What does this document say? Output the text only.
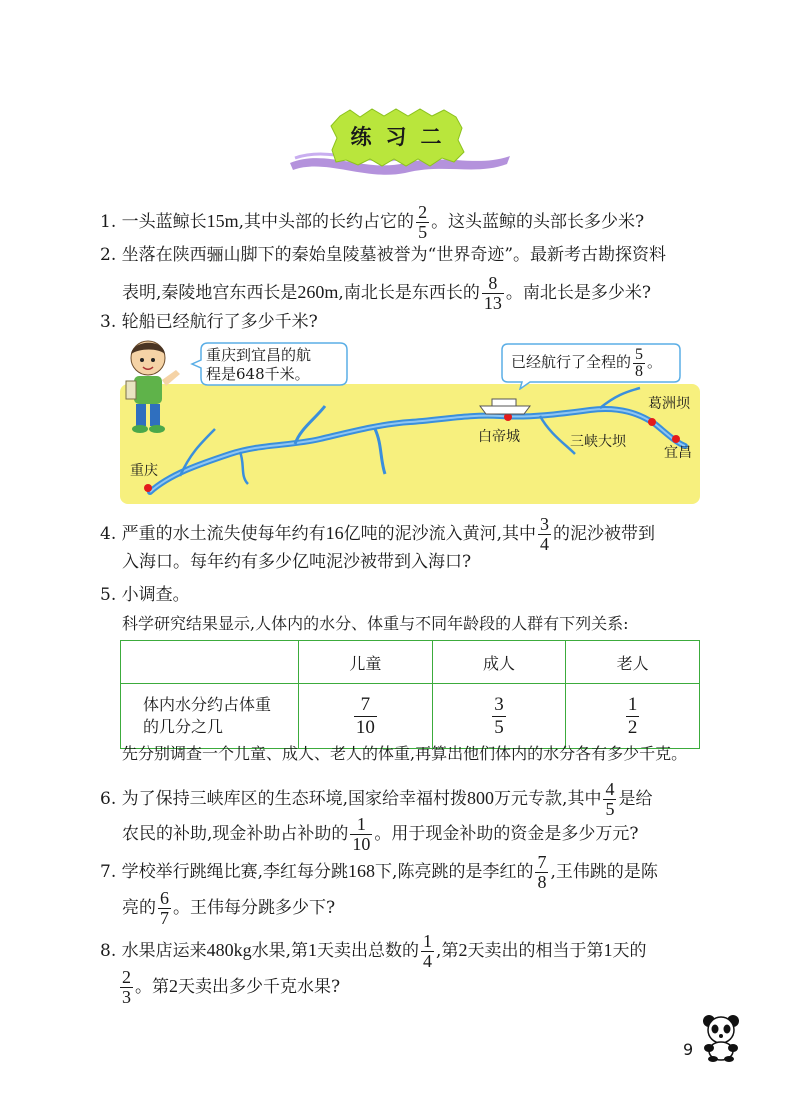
练习二
1. 一头蓝鲸长15m,其中头部的长约占它的 $\frac{2}{5}$ 。这头蓝鲸的头部长多少米?
2. 坐落在陕西骊山脚下的秦始皇陵墓被誉为“世界奇迹”。最新考古勘探资料
表明,秦陵地宫东西长是260m,南北长是东西长的 $\frac{8}{13}$ 。南北长是多少米?
3. 轮船已经航行了多少千米?
重庆
白帝城	三峡大坝
葛洲坝
宜昌
重庆到宜昌的航
程是648千米。
已经航行了全程的 $\frac{5}{8}$ 。
4. 严重的水土流失使每年约有16亿吨的泥沙流入黄河,其中 $\frac{3}{4}$ 的泥沙被带到
入海口。每年约有多少亿吨泥沙被带到入海口?
5. 小调查。
科学研究结果显示,人体内的水分、体重与不同年龄段的人群有下列关系:
	儿童	成人	老人
体内水分约占体重
的几分之几	$\frac{7}{10}$	$\frac{3}{5}$	$\frac{1}{2}$
先分别调查一个儿童、成人、老人的体重,再算出他们体内的水分各有多少千克。
6. 为了保持三峡库区的生态环境,国家给幸福村拨800万元专款,其中 $\frac{4}{5}$ 是给
农民的补助,现金补助占补助的 $\frac{1}{10}$ 。用于现金补助的资金是多少万元?
7. 学校举行跳绳比赛,李红每分跳168下,陈亮跳的是李红的 $\frac{7}{8}$ ,王伟跳的是陈
亮的 $\frac{6}{7}$ 。王伟每分跳多少下?
8. 水果店运来480kg水果,第1天卖出总数的 $\frac{1}{4}$ ,第2天卖出的相当于第1天的
$\frac{2}{3}$ 。第2天卖出多少千克水果?
9
